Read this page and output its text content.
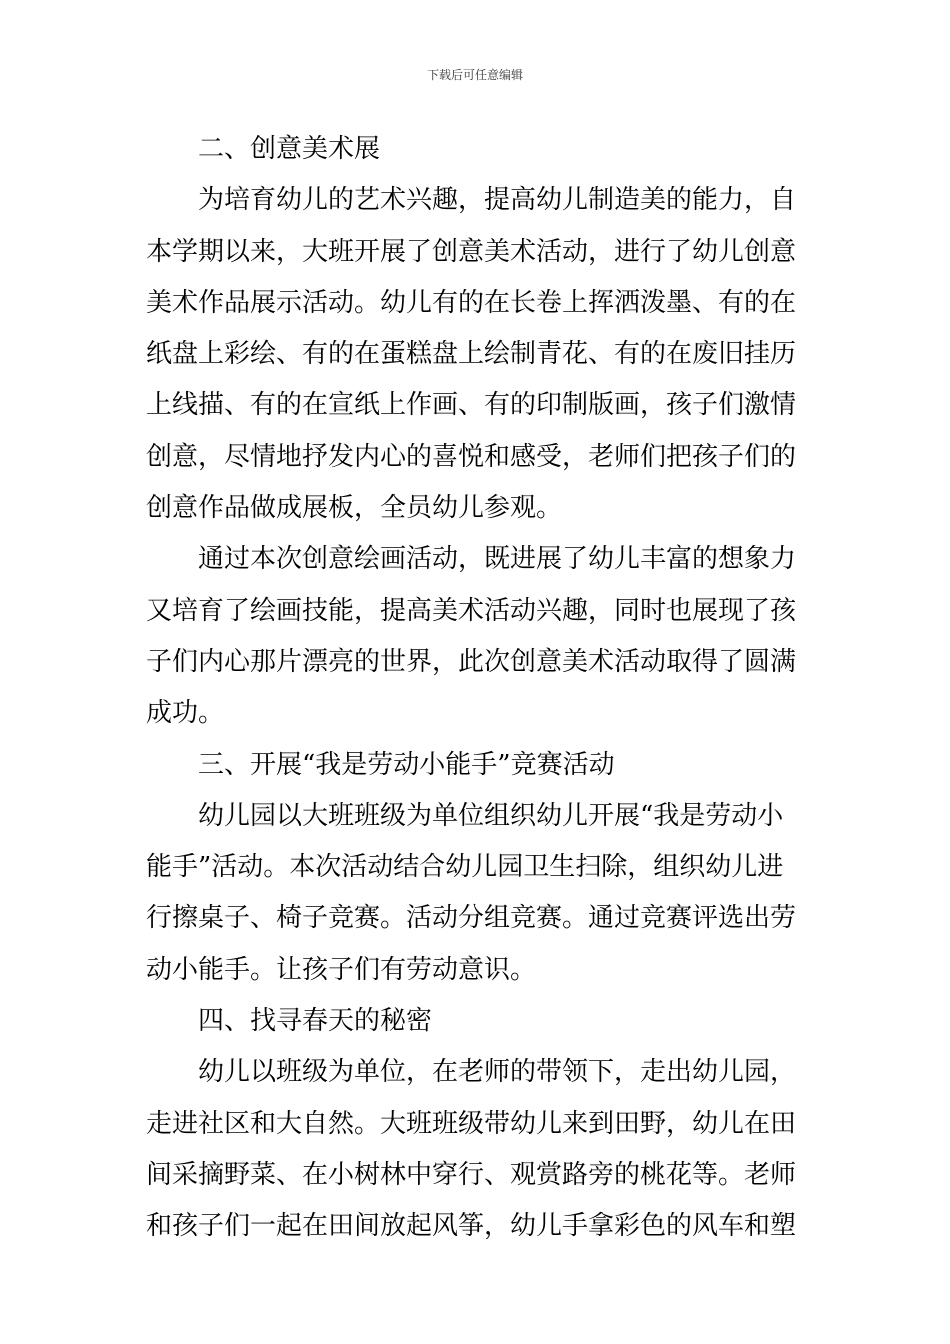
下载后可任意编辑
二、创意美术展
为培育幼儿的艺术兴趣，提高幼儿制造美的能力，自
本学期以来，大班开展了创意美术活动，进行了幼儿创意
美术作品展示活动。幼儿有的在长卷上挥洒泼墨、有的在
纸盘上彩绘、有的在蛋糕盘上绘制青花、有的在废旧挂历
上线描、有的在宣纸上作画、有的印制版画，孩子们激情
创意，尽情地抒发内心的喜悦和感受，老师们把孩子们的
创意作品做成展板，全员幼儿参观。
通过本次创意绘画活动，既进展了幼儿丰富的想象力
又培育了绘画技能，提高美术活动兴趣，同时也展现了孩
子们内心那片漂亮的世界，此次创意美术活动取得了圆满
成功。
三、开展“我是劳动小能手”竞赛活动
幼儿园以大班班级为单位组织幼儿开展“我是劳动小
能手”活动。本次活动结合幼儿园卫生扫除，组织幼儿进
行擦桌子、椅子竞赛。活动分组竞赛。通过竞赛评选出劳
动小能手。让孩子们有劳动意识。
四、找寻春天的秘密
幼儿以班级为单位，在老师的带领下，走出幼儿园，
走进社区和大自然。大班班级带幼儿来到田野，幼儿在田
间采摘野菜、在小树林中穿行、观赏路旁的桃花等。老师
和孩子们一起在田间放起风筝，幼儿手拿彩色的风车和塑
